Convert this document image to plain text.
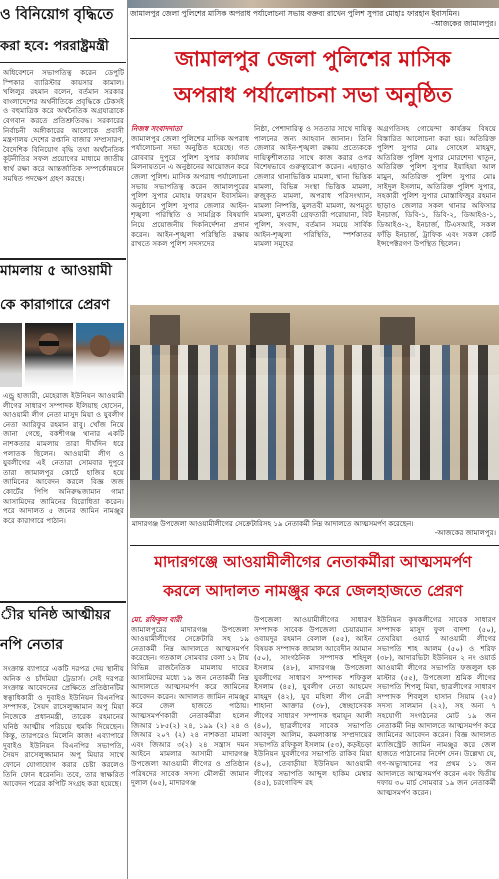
জামালপুর জেলা পুলিশের মাসিক অপরাধ পর্যালোচনা সভায় বক্তব্য রাখেন পুলিশ সুপার মোহাঃ ফারহান ইবাসমিন।
-আজকের জামালপুর।
ও বিনিয়োগ বৃদ্ধিতে
করা হবে: পররাষ্ট্রমন্ত্রী
অধিবেশনে সভাপতিত্ব করেন ডেপুটি স্পিকার ব্যারিস্টার কায়সার কামাল। খলিলুর রহমান বলেন, বর্তমান সরকার বাংলাদেশের অর্থনীতিকে প্রবৃদ্ধিকে টেকসই ও বহুমাত্রিক করে অর্থনৈতিক অগ্রযাত্রাকে বেগবান করতে প্রতিশ্রুতিবদ্ধ। সরকারের নির্বাচনী অঙ্গীকারের আলোকে প্রবাসী মন্ত্রণালয় দেশের রপ্তানি বাজার সম্প্রসারণ, বৈদেশিক বিনিয়োগ বৃদ্ধি তথা অর্থনৈতিক কূটনীতির সফল প্রয়োগের মাধ্যমে জাতীয় স্বার্থ রক্ষা করে আন্তর্জাতিক সম্পর্কোন্নয়নে সমন্বিত পদক্ষেপ গ্রহণ করছে।
মামলায় ৫ আওয়ামী
কে কারাগারে প্রেরণ
এন্ড্রু হাজারী, মেহেরাজ ইউনিয়ন আওয়ামী লীগের সাধারণ সম্পাদক ইলিয়াছ হোসেন, আওয়ামী লীগ নেতা মাসুদ মিয়া ও যুবলীগ নেতা আরিফুর রহমান রাবু। খোঁজ নিয়ে জানা গেছে, বকশীগঞ্জ থানার একটি নাশকতার মামলায় তারা দীর্ঘদিন ধরে পলাতক ছিলেন। আওয়ামী লীগ ও যুবলীগের এই নেতারা সোমবার দুপুরে তারা জামালপুর কোর্টে হাজির হয়ে জামিনের আবেদন করলে বিজ্ঞ জজ কোর্টের পিপি অনিরুদ্ধজামান গামা আসামিদের জামিনের বিরোধিতা করেন। পরে আদালত ৫ জনের জামিন নামঞ্জুর করে কারাগারে পাঠান।
ীর ঘনিষ্ঠ আত্মীয়র
নপি নেতার
সংক্রান্ত ব্যাপারে একটি দরপত্র দেয় স্থানীয় অনিক ও চাঁদমিয়া ট্রেডার্স। সেই দরপত্র সংক্রান্ত আবেদনের প্রেক্ষিতে প্রতিষ্ঠানটির স্বত্বাধিকারী ও দুবাইও ইউনিয়ন বিএনপির সম্পাদক, সৈয়দ রাসেলুজ্জামান অপু মিয়া নিজেকে প্রধানমন্ত্রী, তারেক রহমানের ঘনিষ্ঠ আত্মীয় পরিচয়ে হুমকি দিয়েছেন। কিন্তু, তারপরেও মিলেনি কাজ! এব্যাপারে দুবাইও ইউনিয়ন বিএনপির সভাপতি, সৈয়দ রাসেলুজ্জামান অপু মিয়ার সাথে ফোনে যোগাযোগ করার চেষ্টা করলেও তিনি ফোন ধরেননি। তবে, তার স্বাক্ষরিত আবেদন পত্রের কপিটি সংগ্রহ করা হয়েছে।
জামালপুর জেলা পুলিশের মাসিক
অপরাধ পর্যালোচনা সভা অনুষ্ঠিত
নিজস্ব সংবাদদাতা
জামালপুর জেলা পুলিশের মাসিক অপরাধ পর্যালোচনা সভা অনুষ্ঠিত হয়েছে। গত রোববার দুপুরে পুলিশ সুপার কার্যালয় মিলনায়তনে এ অনুষ্ঠানের আয়োজন করে জেলা পুলিশ। মাসিক অপরাধ পর্যালোচনা সভায় সভাপতিত্ব করেন জামালপুরের পুলিশ সুপার মোহাঃ ফারহান ইবাসমিন। অনুষ্ঠানে পুলিশ সুপার জেলার আইন-শৃঙ্খলা পরিস্থিতি ও সামগ্রিক বিষয়াদি নিয়ে প্রয়োজনীয় দিকনির্দেশনা প্রদান করেন। আইন-শৃঙ্খলা পরিস্থিতি রক্ষায় রাখতে সকল পুলিশ সদস্যদের
নিষ্ঠা, পেশাদারিত্ব ও সততার সাথে দায়িত্ব পালনের জন্য আহবান জানান। তিনি জেলার আইন-শৃঙ্খলা রক্ষায় প্রত্যেককে দায়িত্বশীলতার সাথে কাজ করার ওপর বিশেষভাবে গুরুত্বারোপ করেন। এছাড়াও জেলার থানাভিত্তিক মামলা, থানা ভিত্তিক মামলা, বিভিন্ন সংস্থা ভিত্তিক মামলা, রুজুকৃত মামলা, অপরাধ পরিসংখ্যান, মামলা নিষ্পত্তি, মুলতবী মামলা, অপমৃত্যু মামলা, মুলতবী গ্রেফতারী পরোয়ানা, বিট পুলিশ, সংবাদ, বর্তমান সময়ে সার্বিক আইন-শৃঙ্খলা পরিস্থিতি, স্পর্শকাতর মামলা সমূহের
অগ্রগতিসহ গোয়েন্দা কার্যক্রম বিষয়ে বিস্তারিত আলোচনা করা হয়। অতিরিক্ত পুলিশ সুপার মোঃ সোহেল মাহমুদ, অতিরিক্ত পুলিশ সুপার মোরশেদা খাতুন, অতিরিক্ত পুলিশ সুপার ইয়াহিয়া আল মামুন, অতিরিক্ত পুলিশ সুপার মোঃ সাইদুল ইসলাম, অতিরিক্ত পুলিশ সুপার, সহকারী পুলিশ সুপার মোস্তাফিজুর রহমান ছাড়াও জেলার সকল থানার অফিসার ইনচার্জ, ডিবি-১, ডিবি-২, ডিআইও-১, ডিআইও-২, ইনচার্জ, টিএসআই, সকল ফাঁড়ি ইনচার্জ, ট্রাফিক এবং সকল কোর্ট ইন্সপেক্টরগণ উপস্থিত ছিলেন।
মাদারগঞ্জ উপজেলা আওয়ামীলীগের সেক্রেটারিসহ ১৯ নেতাকর্মী নিম্ন আদালতে আত্মসমর্পণ করেছেন।
-আজকের জামালপুর।
মাদারগঞ্জে আওয়ামীলীগের নেতাকর্মীরা আত্মসমর্পণ
করলে আদালত নামঞ্জুর করে জেলহাজতে প্রেরণ
মো. রফিকুল বারী
জামালপুরের মাদারগঞ্জ উপজেলা আওয়ামীলীগের সেক্রেটারি সহ ১৯ নেতাকর্মী নিম্ন আদালতে আত্মসমর্পণ করেছেন। গতকাল সোমবার বেলা ১২ টায় বিভিন্ন রাজনৈতিক মামলায় দায়ের আসামিদের মধ্যে ১৯ জন নেতাকর্মী নিম্ন আদালতে আত্মসমর্পণ করে জামিনের আবেদন করেন। আদালত জামিন নামঞ্জুর করে জেল হাজতে পাঠায়। আত্মসমর্পণকারী নেতাকর্মীরা হলেন জিআর ১৮৫(২) ২৪, ১৯৯ (২) ২৪ ও জিআর ২০৭ (২) ২৪ নাশকতা মামলা এবং জিআর ৩(২) ২৪ সন্ত্রাস দমন আইনে মামলার আসামী মাদারগঞ্জ উপজেলা আওয়ামী লীগের ও প্রতিষ্ঠান পরিষদের সাবেক সদস্য মৌলভী জামান দুলাল (৬৫), মাদারগঞ্জ
উপজেলা আওয়ামীলীগের সাধারণ সম্পাদক সাবেক উপজেলা চেয়ারম্যান ওবায়দুর রহমান বেলাল (৫৫), আইন বিষয়ক সম্পাদক জামাল আবেদীন আমান (৫০), সাংগঠনিক সম্পাদক শহিদুল ইসলাম (৪৮), মাদারগঞ্জ উপজেলা যুবলীগের সাধারণ সম্পাদক শফিকুল ইসলাম (৪৫), যুবলীগ নেতা আহমেদ মাহমুদ (৪২), যুব মহিলা লীগ নেত্রী শাহানা আক্তার (৩৮), স্বেচ্ছাসেবক লীগের সাধারণ সম্পাদক হুমায়ূন আলী (৪০), ছাত্রলীগের সাবেক সভাপতি আবদুল আলিম, কমলাকান্ত সম্প্রদায়ের সভাপতি রফিকুল ইসলাম (৫৩), কড়ইচড়া ইউনিয়ন যুবলীগের সভাপতি রাকিব মিয়া (৪০), তেবাড়ীয়া ইউনিয়ন আওয়ামী লীগের সভাপতি আব্দুল হাকিম মেম্বার (৪৫), চরগোবিন্দ রহ
ইউনিয়ন কৃষকলীগের সাবেক সাধারণ সম্পাদক মাসুদ ফুল বাদশা (৫০), তেঘরিয়া ওয়ার্ড আওয়ামী লীগের সভাপতি শাহ আলম (৫০) ও শরিফ (৩৮), আদারভিটা ইউনিয়ন ২ নং ওয়ার্ড আওয়ামী লীগের সভাপতি ফজলুল হক মাস্টার (৫৫), উপজেলা শ্রমিক লীগের সভাপতি শিপলু মিয়া, ছাত্রলীগের সাধারণ সম্পাদক শিবলুল হাসান সিয়াম (২৫) সদস্য সালমান (২২), সহ অন্য ৭ সহযোগী সংগঠনের মোট ১৯ জন নেতাকর্মী নিম্ন আদালতে আত্মসমর্পণ করে জামিনের আবেদন করেন। বিজ্ঞ আদালত ম্যাজিস্ট্রেট জামিন নামঞ্জুর করে জেল হাজতে পাঠানোর নির্দেশ দেন। উল্লেখ্য যে, গণ-অভ্যুত্থানের পর প্রথম ১১ জন আদালতে আত্মসমর্পণ করেন এবং দ্বিতীয় দফায় ৩০ মার্চ সোমবার ১৯ জন নেতাকর্মী আত্মসমর্পণ করেন।
